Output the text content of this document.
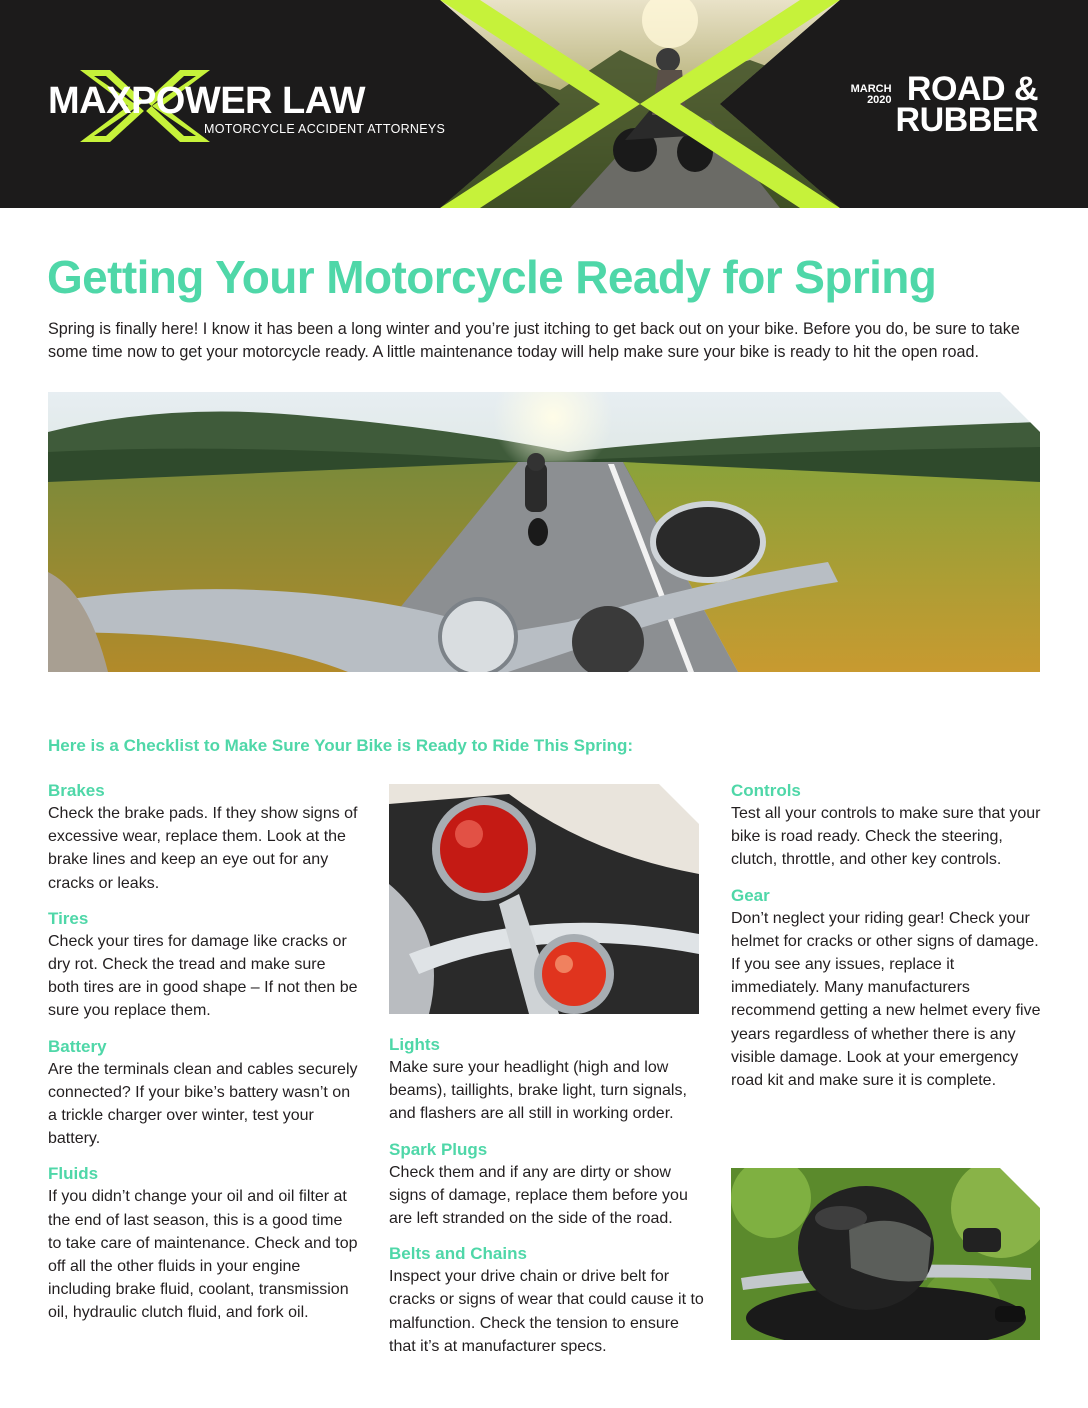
MAXPOWER LAW
MOTORCYCLE ACCIDENT ATTORNEYS
MARCH
2020 ROAD &
RUBBER
Getting Your Motorcycle Ready for Spring

Spring is finally here! I know it has been a long winter and you’re just itching to get back out on your bike. Before you do, be sure to take some time now to get your motorcycle ready. A little maintenance today will help make sure your bike is ready to hit the open road.

Here is a Checklist to Make Sure Your Bike is Ready to Ride This Spring:
Brakes
Check the brake pads. If they show signs of excessive wear, replace them. Look at the brake lines and keep an eye out for any cracks or leaks.
Tires
Check your tires for damage like cracks or dry rot. Check the tread and make sure both tires are in good shape – If not then be sure you replace them.
Battery
Are the terminals clean and cables securely connected? If your bike’s battery wasn’t on a trickle charger over winter, test your battery.
Fluids
If you didn’t change your oil and oil filter at the end of last season, this is a good time to take care of maintenance. Check and top off all the other fluids in your engine including brake fluid, coolant, transmission oil, hydraulic clutch fluid, and fork oil.
Lights
Make sure your headlight (high and low beams), taillights, brake light, turn signals, and flashers are all still in working order.
Spark Plugs
Check them and if any are dirty or show signs of damage, replace them before you are left stranded on the side of the road.
Belts and Chains
Inspect your drive chain or drive belt for cracks or signs of wear that could cause it to malfunction. Check the tension to ensure that it’s at manufacturer specs.
Controls
Test all your controls to make sure that your bike is road ready. Check the steering, clutch, throttle, and other key controls.
Gear
Don’t neglect your riding gear! Check your helmet for cracks or other signs of damage. If you see any issues, replace it immediately. Many manufacturers recommend getting a new helmet every five years regardless of whether there is any visible damage. Look at your emergency road kit and make sure it is complete.
